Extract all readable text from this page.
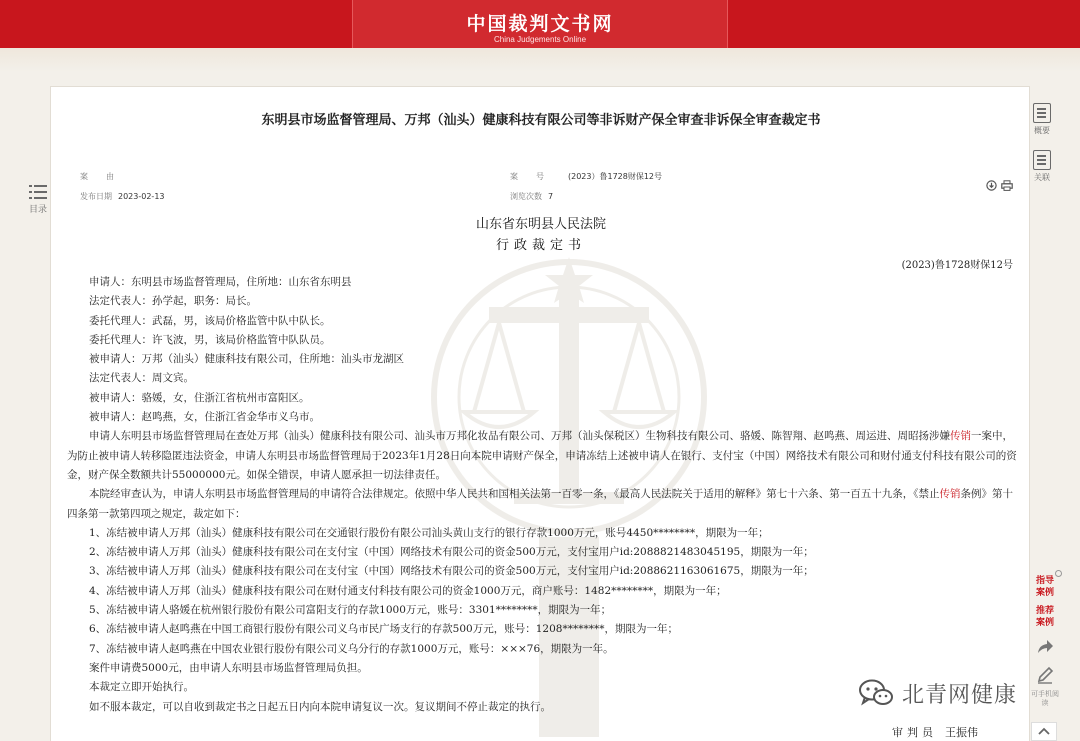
中国裁判文书网
China Judgements Online
目录
东明县市场监督管理局、万邦（汕头）健康科技有限公司等非诉财产保全审查非诉保全审查裁定书
案由	案号 (2023）鲁1728财保12号
发布日期 2023-02-13	浏览次数 7

山东省东明县人民法院
行政裁定书
(2023)鲁1728财保12号

申请人：东明县市场监督管理局，住所地：山东省东明县

法定代表人：孙学起，职务：局长。

委托代理人：武磊，男，该局价格监管中队中队长。

委托代理人：许飞波，男，该局价格监管中队队员。

被申请人：万邦（汕头）健康科技有限公司，住所地：汕头市龙湖区

法定代表人：周文宾。

被申请人：骆媛，女，住浙江省杭州市富阳区。

被申请人：赵鸣燕，女，住浙江省金华市义乌市。

申请人东明县市场监督管理局在查处万邦（汕头）健康科技有限公司、汕头市万邦化妆品有限公司、万邦（汕头保税区）生物科技有限公司、骆媛、陈智翔、赵鸣燕、周运进、周昭扬涉嫌传销一案中，为防止被申请人转移隐匿违法资金，申请人东明县市场监督管理局于2023年1月28日向本院申请财产保全，申请冻结上述被申请人在银行、支付宝（中国）网络技术有限公司和财付通支付科技有限公司的资金，财产保全数额共计55000000元。如保全错误，申请人愿承担一切法律责任。

本院经审查认为，申请人东明县市场监督管理局的申请符合法律规定。依照中华人民共和国相关法第一百零一条，《最高人民法院关于适用的解释》第七十六条、第一百五十九条，《禁止传销条例》第十四条第一款第四项之规定，裁定如下：

1、冻结被申请人万邦（汕头）健康科技有限公司在交通银行股份有限公司汕头黄山支行的银行存款1000万元，账号4450********，期限为一年；

2、冻结被申请人万邦（汕头）健康科技有限公司在支付宝（中国）网络技术有限公司的资金500万元，支付宝用户id:2088821483045195，期限为一年；

3、冻结被申请人万邦（汕头）健康科技有限公司在支付宝（中国）网络技术有限公司的资金500万元，支付宝用户id:2088621163061675，期限为一年；

4、冻结被申请人万邦（汕头）健康科技有限公司在财付通支付科技有限公司的资金1000万元，商户账号：1482********，期限为一年；

5、冻结被申请人骆媛在杭州银行股份有限公司富阳支行的存款1000万元，账号：3301********，期限为一年；

6、冻结被申请人赵鸣燕在中国工商银行股份有限公司义乌市民广场支行的存款500万元，账号：1208********，期限为一年；

7、冻结被申请人赵鸣燕在中国农业银行股份有限公司义乌分行的存款1000万元，账号：×××76，期限为一年。

案件申请费5000元，由申请人东明县市场监督管理局负担。

本裁定立即开始执行。

如不服本裁定，可以自收到裁定书之日起五日内向本院申请复议一次。复议期间不停止裁定的执行。

审判员 王振伟
概要
关联
指导案例
推荐案例
可手机阅读
北青网健康
